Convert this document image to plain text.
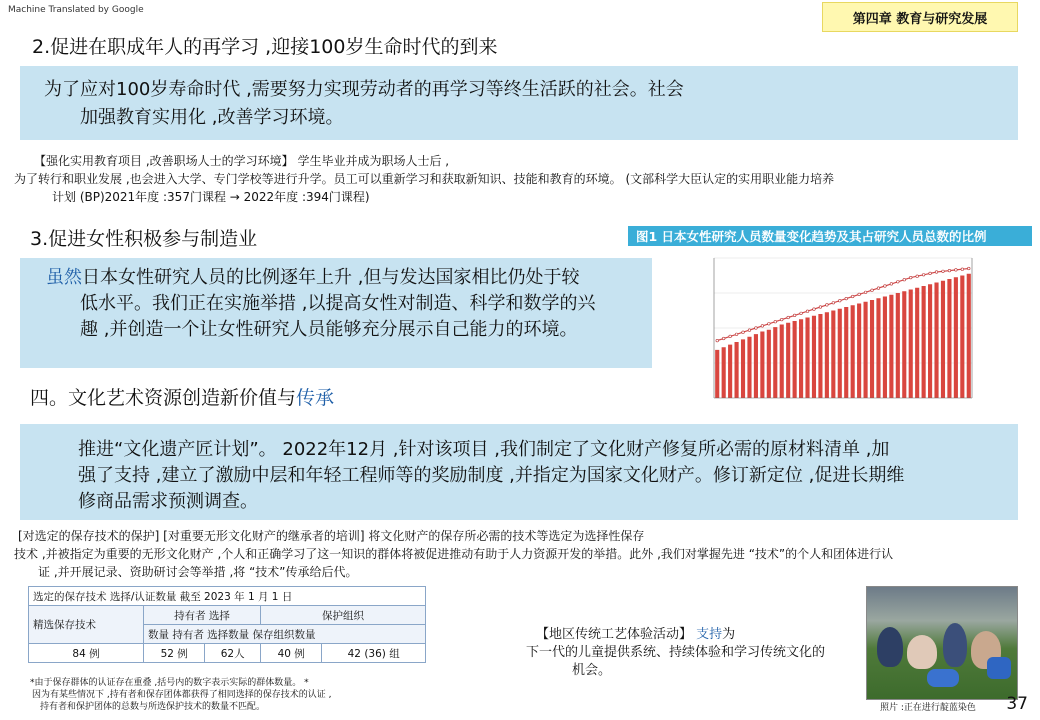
Machine Translated by Google
第四章 教育与研究发展
2.促进在职成年人的再学习 ,迎接100岁生命时代的到来
为了应对100岁寿命时代 ,需要努力实现劳动者的再学习等终生活跃的社会。社会
加强教育实用化 ,改善学习环境。
【强化实用教育项目 ,改善职场人士的学习环境】 学生毕业并成为职场人士后 ,
为了转行和职业发展 ,也会进入大学、专门学校等进行升学。员工可以重新学习和获取新知识、技能和教育的环境。 (文部科学大臣认定的实用职业能力培养
计划 (BP)2021年度 :357门课程 → 2022年度 :394门课程)
3.促进女性积极参与制造业
虽然日本女性研究人员的比例逐年上升 ,但与发达国家相比仍处于较
低水平。我们正在实施举措 ,以提高女性对制造、科学和数学的兴
趣 ,并创造一个让女性研究人员能够充分展示自己能力的环境。
图1 日本女性研究人员数量变化趋势及其占研究人员总数的比例
四。文化艺术资源创造新价值与传承
推进“文化遗产匠计划”。 2022年12月 ,针对该项目 ,我们制定了文化财产修复所必需的原材料清单 ,加
强了支持 ,建立了激励中层和年轻工程师等的奖励制度 ,并指定为国家文化财产。修订新定位 ,促进长期维
修商品需求预测调查。
[对选定的保存技术的保护] [对重要无形文化财产的继承者的培训] 将文化财产的保存所必需的技术等选定为选择性保存
技术 ,并被指定为重要的无形文化财产 ,个人和正确学习了这一知识的群体将被促进推动有助于人力资源开发的举措。此外 ,我们对掌握先进 “技术”的个人和团体进行认
证 ,并开展记录、资助研讨会等举措 ,将 “技术”传承给后代。
选定的保存技术 选择/认证数量 截至 2023 年 1 月 1 日				
精选保存技术	持有者 选择		保护组织	
	数量 持有者 选择数量 保存组织数量			
84 例	52 例	62人	40 例	42 (36) 组
*由于保存群体的认证存在重叠 ,括号内的数字表示实际的群体数量。 *
因为有某些情况下 ,持有者和保存团体都获得了相同选择的保存技术的认证 ,
持有者和保护团体的总数与所选保护技术的数量不匹配。
【地区传统工艺体验活动】 支持为
下一代的儿童提供系统、持续体验和学习传统文化的
机会。
照片 :正在进行靛蓝染色 37
